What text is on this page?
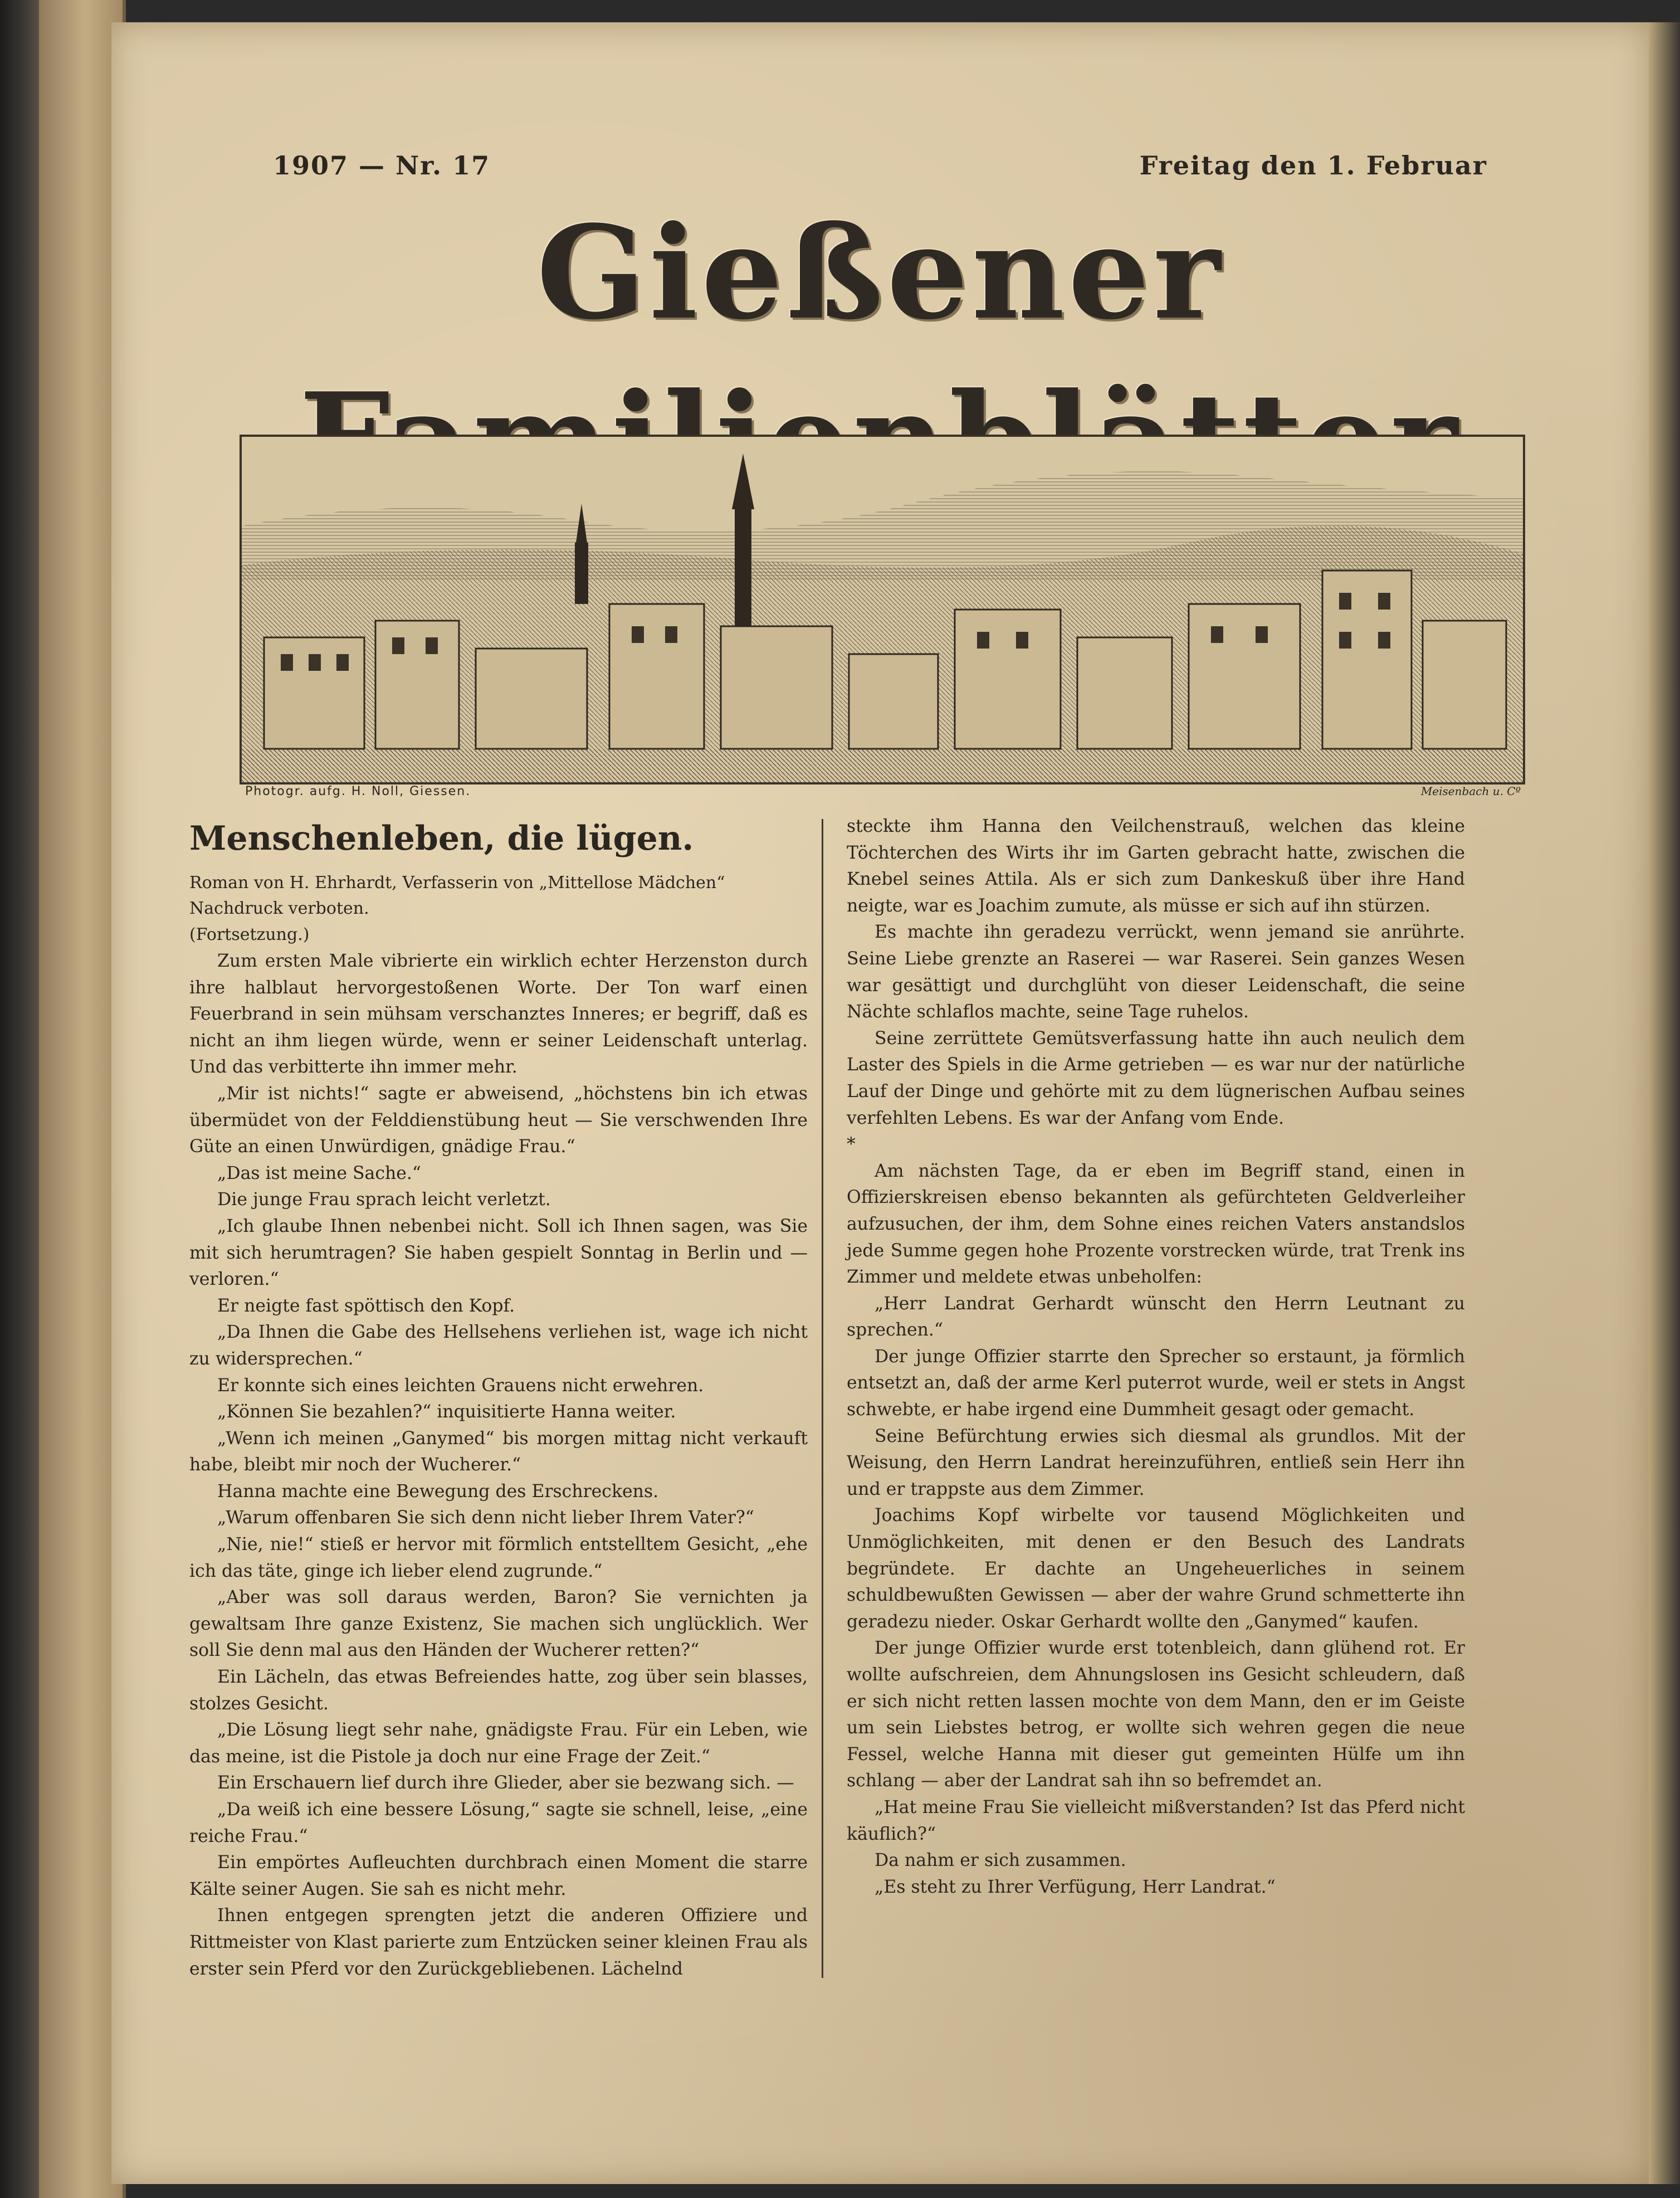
1907 — Nr. 17	Freitag den 1. Februar
Gießener
Photogr. aufg. H. Noll, Giessen.	Meisenbach u. Cº
Menschenleben, die lügen.

Roman von H. Ehrhardt, Verfasserin von „Mittellose Mädchen“

Nachdruck verboten.

(Fortsetzung.)

Zum ersten Male vibrierte ein wirklich echter Herzenston durch ihre halblaut hervorgestoßenen Worte. Der Ton warf einen Feuerbrand in sein mühsam verschanztes Inneres; er begriff, daß es nicht an ihm liegen würde, wenn er seiner Leidenschaft unterlag. Und das verbitterte ihn immer mehr.

„Mir ist nichts!“ sagte er abweisend, „höchstens bin ich etwas übermüdet von der Felddienstübung heut — Sie verschwenden Ihre Güte an einen Unwürdigen, gnädige Frau.“

„Das ist meine Sache.“

Die junge Frau sprach leicht verletzt.

„Ich glaube Ihnen nebenbei nicht. Soll ich Ihnen sagen, was Sie mit sich herumtragen? Sie haben gespielt Sonntag in Berlin und — verloren.“

Er neigte fast spöttisch den Kopf.

„Da Ihnen die Gabe des Hellsehens verliehen ist, wage ich nicht zu widersprechen.“

Er konnte sich eines leichten Grauens nicht erwehren.

„Können Sie bezahlen?“ inquisitierte Hanna weiter.

„Wenn ich meinen „Ganymed“ bis morgen mittag nicht verkauft habe, bleibt mir noch der Wucherer.“

Hanna machte eine Bewegung des Erschreckens.

„Warum offenbaren Sie sich denn nicht lieber Ihrem Vater?“

„Nie, nie!“ stieß er hervor mit förmlich entstelltem Gesicht, „ehe ich das täte, ginge ich lieber elend zugrunde.“

„Aber was soll daraus werden, Baron? Sie vernichten ja gewaltsam Ihre ganze Existenz, Sie machen sich unglücklich. Wer soll Sie denn mal aus den Händen der Wucherer retten?“

Ein Lächeln, das etwas Befreiendes hatte, zog über sein blasses, stolzes Gesicht.

„Die Lösung liegt sehr nahe, gnädigste Frau. Für ein Leben, wie das meine, ist die Pistole ja doch nur eine Frage der Zeit.“

Ein Erschauern lief durch ihre Glieder, aber sie bezwang sich. —

„Da weiß ich eine bessere Lösung,“ sagte sie schnell, leise, „eine reiche Frau.“

Ein empörtes Aufleuchten durchbrach einen Moment die starre Kälte seiner Augen. Sie sah es nicht mehr.

Ihnen entgegen sprengten jetzt die anderen Offiziere und Rittmeister von Klast parierte zum Entzücken seiner kleinen Frau als erster sein Pferd vor den Zurückgebliebenen. Lächelnd

steckte ihm Hanna den Veilchenstrauß, welchen das kleine Töchterchen des Wirts ihr im Garten gebracht hatte, zwischen die Knebel seines Attila. Als er sich zum Dankeskuß über ihre Hand neigte, war es Joachim zumute, als müsse er sich auf ihn stürzen.

Es machte ihn geradezu verrückt, wenn jemand sie anrührte. Seine Liebe grenzte an Raserei — war Raserei. Sein ganzes Wesen war gesättigt und durchglüht von dieser Leidenschaft, die seine Nächte schlaflos machte, seine Tage ruhelos.

Seine zerrüttete Gemütsverfassung hatte ihn auch neulich dem Laster des Spiels in die Arme getrieben — es war nur der natürliche Lauf der Dinge und gehörte mit zu dem lügnerischen Aufbau seines verfehlten Lebens. Es war der Anfang vom Ende.

*

Am nächsten Tage, da er eben im Begriff stand, einen in Offizierskreisen ebenso bekannten als gefürchteten Geldverleiher aufzusuchen, der ihm, dem Sohne eines reichen Vaters anstandslos jede Summe gegen hohe Prozente vorstrecken würde, trat Trenk ins Zimmer und meldete etwas unbeholfen:

„Herr Landrat Gerhardt wünscht den Herrn Leutnant zu sprechen.“

Der junge Offizier starrte den Sprecher so erstaunt, ja förmlich entsetzt an, daß der arme Kerl puterrot wurde, weil er stets in Angst schwebte, er habe irgend eine Dummheit gesagt oder gemacht.

Seine Befürchtung erwies sich diesmal als grundlos. Mit der Weisung, den Herrn Landrat hereinzuführen, entließ sein Herr ihn und er trappste aus dem Zimmer.

Joachims Kopf wirbelte vor tausend Möglichkeiten und Unmöglichkeiten, mit denen er den Besuch des Landrats begründete. Er dachte an Ungeheuerliches in seinem schuldbewußten Gewissen — aber der wahre Grund schmetterte ihn geradezu nieder. Oskar Gerhardt wollte den „Ganymed“ kaufen.

Der junge Offizier wurde erst totenbleich, dann glühend rot. Er wollte aufschreien, dem Ahnungslosen ins Gesicht schleudern, daß er sich nicht retten lassen mochte von dem Mann, den er im Geiste um sein Liebstes betrog, er wollte sich wehren gegen die neue Fessel, welche Hanna mit dieser gut gemeinten Hülfe um ihn schlang — aber der Landrat sah ihn so befremdet an.

„Hat meine Frau Sie vielleicht mißverstanden? Ist das Pferd nicht käuflich?“

Da nahm er sich zusammen.

„Es steht zu Ihrer Verfügung, Herr Landrat.“
